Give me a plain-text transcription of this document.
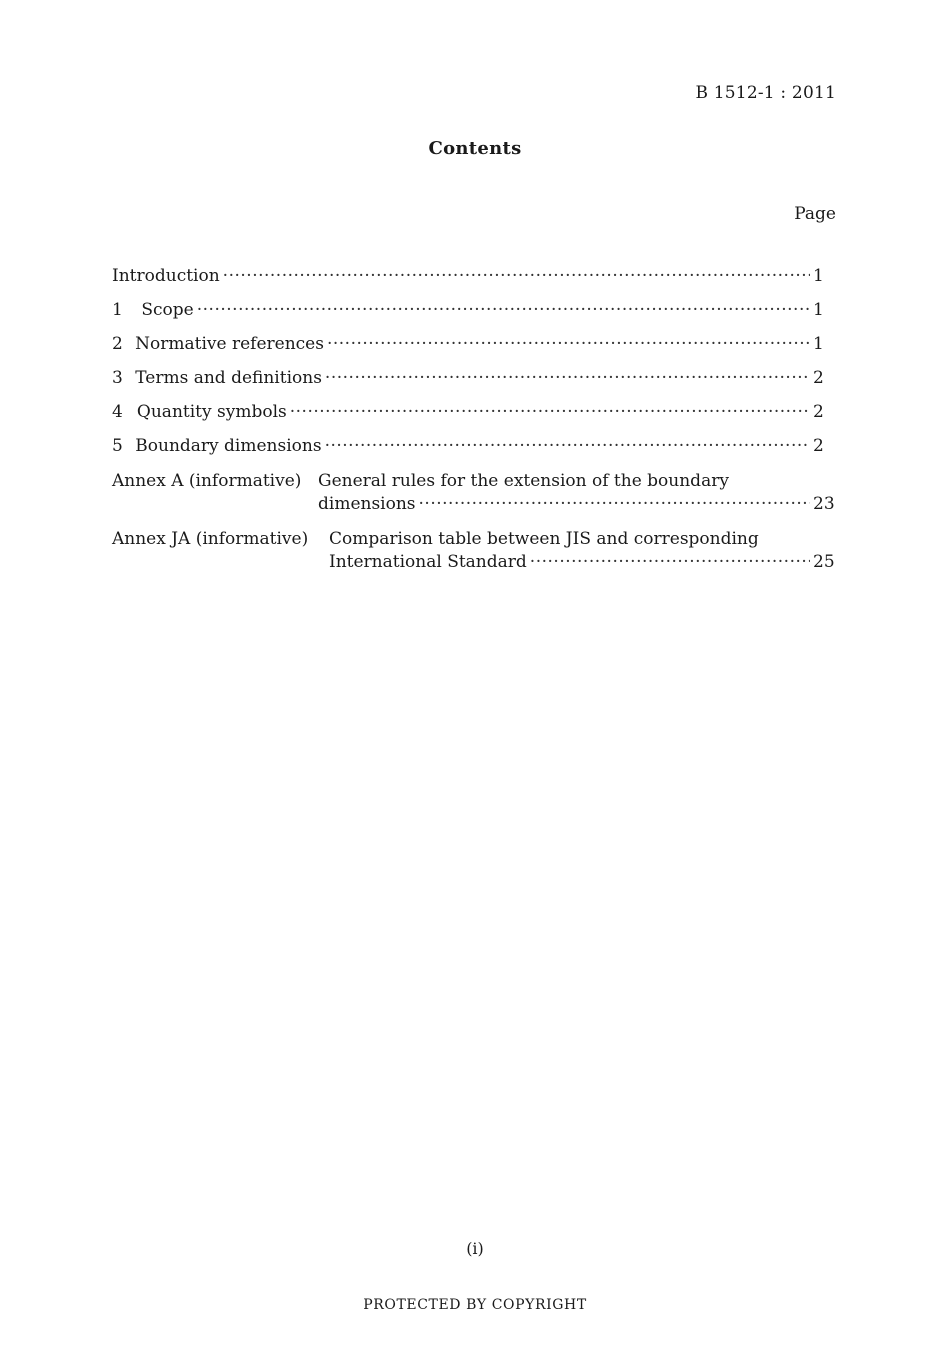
B 1512-1 : 2011
Contents
Page
Introduction ·····	1
1	Scope ·····	1
2 Normative references ·····	1
3 Terms and definitions ·····	2
4 Quantity symbols ·····	2
5 Boundary dimensions ·····	2
Annex A (informative) General rules for the extension of the boundary
dimensions ·····	23
Annex JA (informative) Comparison table between JIS and corresponding
International Standard ·····	25
(i)
PROTECTED BY COPYRIGHT
